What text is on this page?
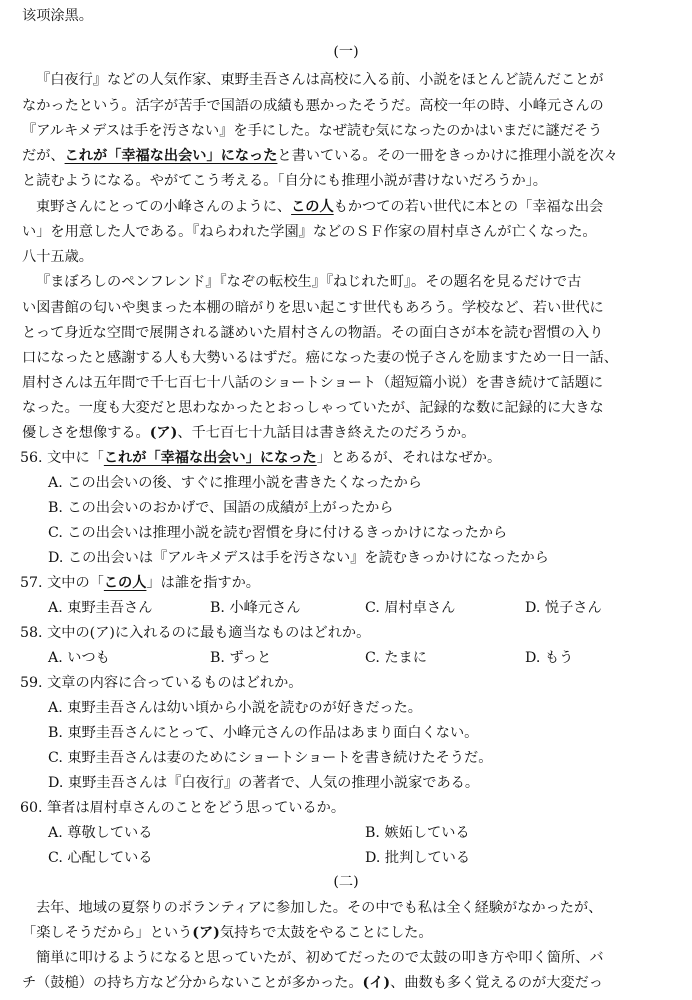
该项涂黑。
(一)
『白夜行』などの人気作家、東野圭吾さんは高校に入る前、小説をほとんど読んだことが
なかったという。活字が苦手で国語の成績も悪かったそうだ。高校一年の時、小峰元さんの
『アルキメデスは手を汚さない』を手にした。なぜ読む気になったのかはいまだに謎だそう
だが、これが「幸福な出会い」になったと書いている。その一冊をきっかけに推理小説を次々
と読むようになる。やがてこう考える。「自分にも推理小説が書けないだろうか」。
東野さんにとっての小峰さんのように、この人もかつての若い世代に本との「幸福な出会
い」を用意した人である。『ねらわれた学園』などのＳＦ作家の眉村卓さんが亡くなった。
八十五歳。
『まぼろしのペンフレンド』『なぞの転校生』『ねじれた町』。その題名を見るだけで古
い図書館の匂いや奥まった本棚の暗がりを思い起こす世代もあろう。学校など、若い世代に
とって身近な空間で展開される謎めいた眉村さんの物語。その面白さが本を読む習慣の入り
口になったと感謝する人も大勢いるはずだ。癌になった妻の悦子さんを励ますため一日一話、
眉村さんは五年間で千七百七十八話のショートショート（超短篇小说）を書き続けて話題に
なった。一度も大変だと思わなかったとおっしゃっていたが、記録的な数に記録的に大きな
優しさを想像する。(ア)、千七百七十九話目は書き終えたのだろうか。
56. 文中に「これが「幸福な出会い」になった」とあるが、それはなぜか。
A. この出会いの後、すぐに推理小説を書きたくなったから
B. この出会いのおかげで、国語の成績が上がったから
C. この出会いは推理小説を読む習慣を身に付けるきっかけになったから
D. この出会いは『アルキメデスは手を汚さない』を読むきっかけになったから
57. 文中の「この人」は誰を指すか。
A. 東野圭吾さん	B. 小峰元さん	C. 眉村卓さん	D. 悦子さん
58. 文中の(ア)に入れるのに最も適当なものはどれか。
A. いつも	B. ずっと	C. たまに	D. もう
59. 文章の内容に合っているものはどれか。
A. 東野圭吾さんは幼い頃から小説を読むのが好きだった。
B. 東野圭吾さんにとって、小峰元さんの作品はあまり面白くない。
C. 東野圭吾さんは妻のためにショートショートを書き続けたそうだ。
D. 東野圭吾さんは『白夜行』の著者で、人気の推理小説家である。
60. 筆者は眉村卓さんのことをどう思っているか。
A. 尊敬している	B. 嫉妬している
C. 心配している	D. 批判している
(二)
去年、地域の夏祭りのボランティアに参加した。その中でも私は全く経験がなかったが、
「楽しそうだから」という(ア)気持ちで太鼓をやることにした。
簡単に叩けるようになると思っていたが、初めてだったので太鼓の叩き方や叩く箇所、バ
チ（鼓槌）の持ち方など分からないことが多かった。(イ)、曲数も多く覚えるのが大変だっ
